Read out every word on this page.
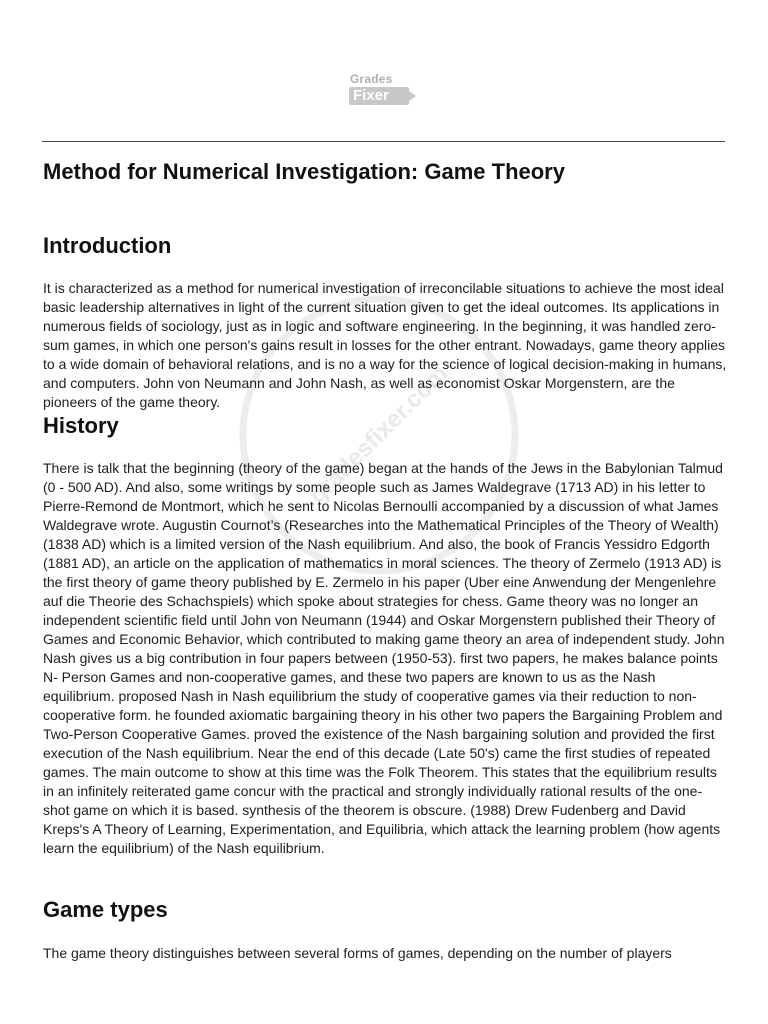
Grades
Fixer
gradesfixer.com
Method for Numerical Investigation: Game Theory
Introduction

It is characterized as a method for numerical investigation of irreconcilable situations to achieve the most ideal basic leadership alternatives in light of the current situation given to get the ideal outcomes. Its applications in numerous fields of sociology, just as in logic and software engineering. In the beginning, it was handled zero-sum games, in which one person's gains result in losses for the other entrant. Nowadays, game theory applies to a wide domain of behavioral relations, and is no a way for the science of logical decision-making in humans, and computers. John von Neumann and John Nash, as well as economist Oskar Morgenstern, are the pioneers of the game theory.

History

There is talk that the beginning (theory of the game) began at the hands of the Jews in the Babylonian Talmud (0 - 500 AD). And also, some writings by some people such as James Waldegrave (1713 AD) in his letter to Pierre-Remond de Montmort, which he sent to Nicolas Bernoulli accompanied by a discussion of what James Waldegrave wrote. Augustin Cournot’s (Researches into the Mathematical Principles of the Theory of Wealth) (1838 AD) which is a limited version of the Nash equilibrium. And also, the book of Francis Yessidro Edgorth (1881 AD), an article on the application of mathematics in moral sciences. The theory of Zermelo (1913 AD) is the first theory of game theory published by E. Zermelo in his paper (Uber eine Anwendung der Mengenlehre auf die Theorie des Schachspiels) which spoke about strategies for chess. Game theory was no longer an independent scientific field until John von Neumann (1944) and Oskar Morgenstern published their Theory of Games and Economic Behavior, which contributed to making game theory an area of independent study. John Nash gives us a big contribution in four papers between (1950-53). first two papers, he makes balance points N- Person Games and non-cooperative games, and these two papers are known to us as the Nash equilibrium. proposed Nash in Nash equilibrium the study of cooperative games via their reduction to non-cooperative form. he founded axiomatic bargaining theory in his other two papers the Bargaining Problem and Two-Person Cooperative Games. proved the existence of the Nash bargaining solution and provided the first execution of the Nash equilibrium. Near the end of this decade (Late 50's) came the first studies of repeated games. The main outcome to show at this time was the Folk Theorem. This states that the equilibrium results in an infinitely reiterated game concur with the practical and strongly individually rational results of the one-shot game on which it is based. synthesis of the theorem is obscure. (1988) Drew Fudenberg and David Kreps's A Theory of Learning, Experimentation, and Equilibria, which attack the learning problem (how agents learn the equilibrium) of the Nash equilibrium.

Game types

The game theory distinguishes between several forms of games, depending on the number of players
